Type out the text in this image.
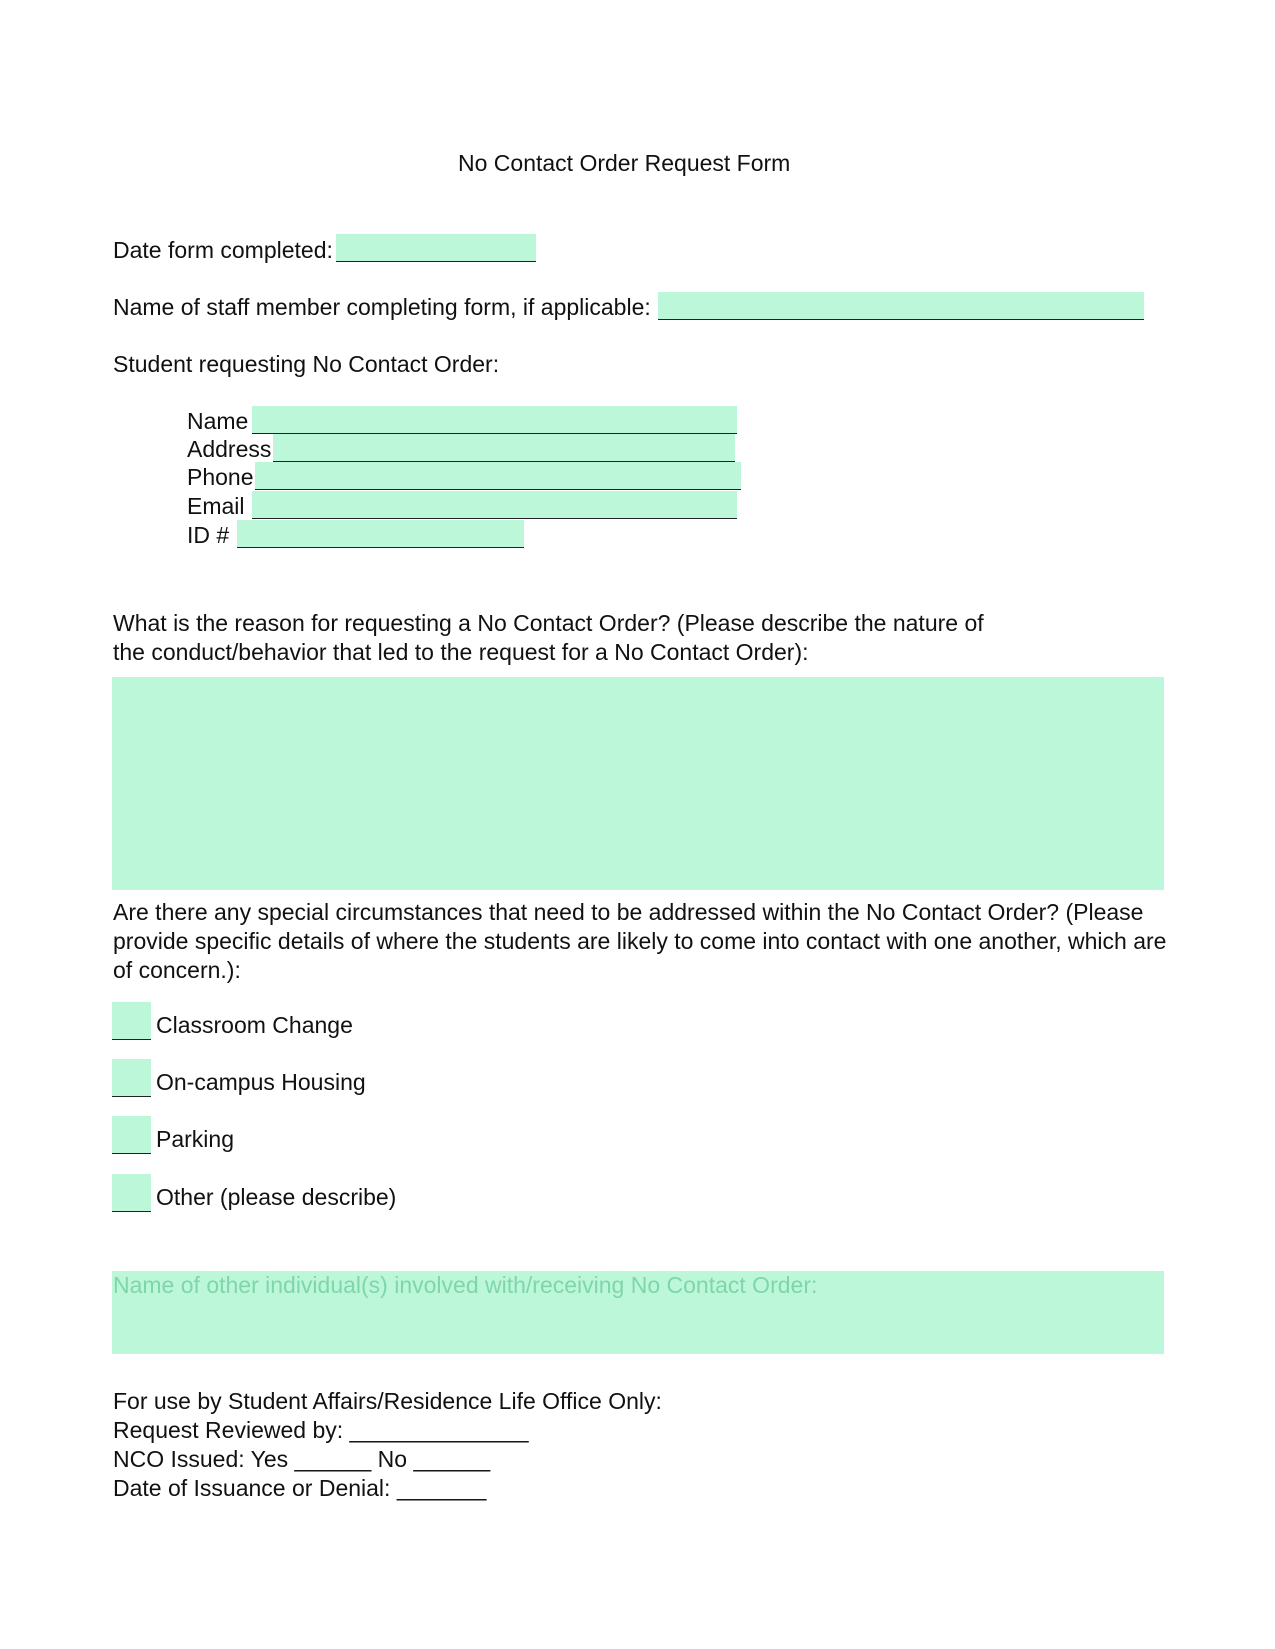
No Contact Order Request Form
Date form completed:
Name of staff member completing form, if applicable:
Student requesting No Contact Order:
Name
Address
Phone
Email
ID #
What is the reason for requesting a No Contact Order? (Please describe the nature of the conduct/behavior that led to the request for a No Contact Order):
Are there any special circumstances that need to be addressed within the No Contact Order? (Please provide specific details of where the students are likely to come into contact with one another, which are of concern.):
Classroom Change
On-campus Housing
Parking
Other (please describe)
Name of other individual(s) involved with/receiving No Contact Order:
For use by Student Affairs/Residence Life Office Only:
Request Reviewed by: ______________
NCO Issued: Yes ______ No ______
Date of Issuance or Denial: _______
